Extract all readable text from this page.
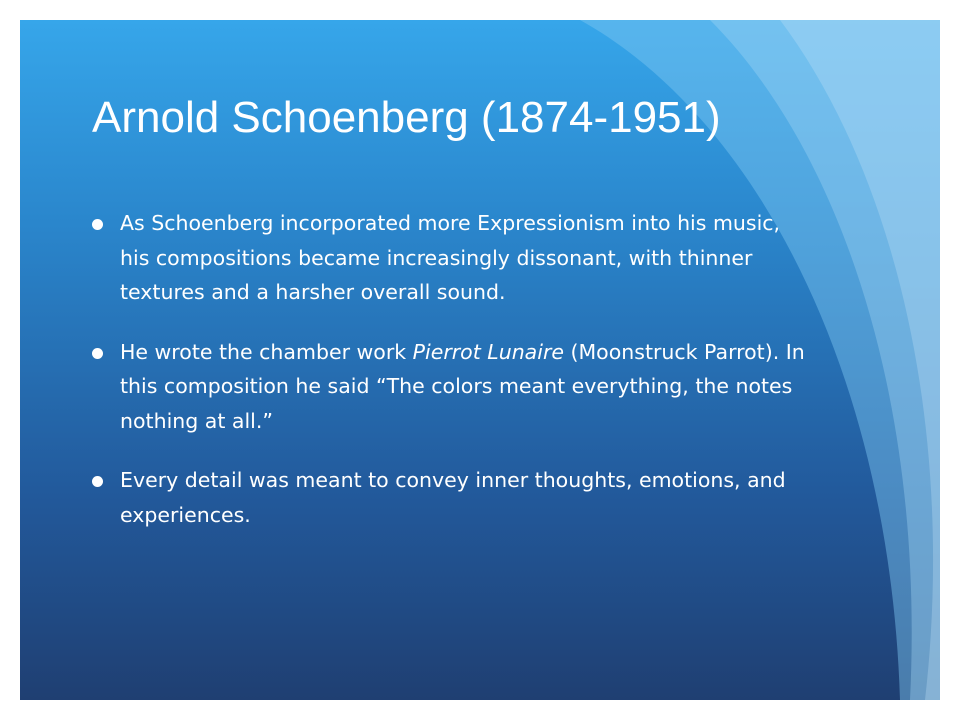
Arnold Schoenberg (1874-1951)
As Schoenberg incorporated more Expressionism into his music, his compositions became increasingly dissonant, with thinner textures and a harsher overall sound.
He wrote the chamber work Pierrot Lunaire (Moonstruck Parrot). In this composition he said “The colors meant everything, the notes nothing at all.”
Every detail was meant to convey inner thoughts, emotions, and experiences.
